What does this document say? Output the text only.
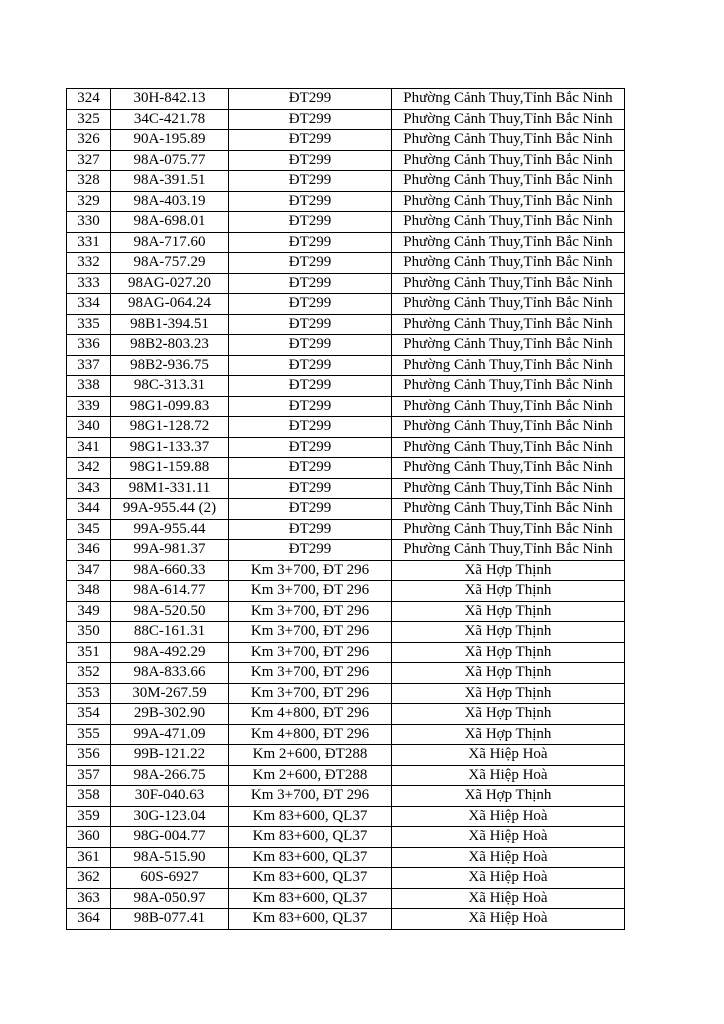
324	30H-842.13	ĐT299	Phường Cảnh Thuy,Tỉnh Bắc Ninh
325	34C-421.78	ĐT299	Phường Cảnh Thuy,Tỉnh Bắc Ninh
326	90A-195.89	ĐT299	Phường Cảnh Thuy,Tỉnh Bắc Ninh
327	98A-075.77	ĐT299	Phường Cảnh Thuy,Tỉnh Bắc Ninh
328	98A-391.51	ĐT299	Phường Cảnh Thuy,Tỉnh Bắc Ninh
329	98A-403.19	ĐT299	Phường Cảnh Thuy,Tỉnh Bắc Ninh
330	98A-698.01	ĐT299	Phường Cảnh Thuy,Tỉnh Bắc Ninh
331	98A-717.60	ĐT299	Phường Cảnh Thuy,Tỉnh Bắc Ninh
332	98A-757.29	ĐT299	Phường Cảnh Thuy,Tỉnh Bắc Ninh
333	98AG-027.20	ĐT299	Phường Cảnh Thuy,Tỉnh Bắc Ninh
334	98AG-064.24	ĐT299	Phường Cảnh Thuy,Tỉnh Bắc Ninh
335	98B1-394.51	ĐT299	Phường Cảnh Thuy,Tỉnh Bắc Ninh
336	98B2-803.23	ĐT299	Phường Cảnh Thuy,Tỉnh Bắc Ninh
337	98B2-936.75	ĐT299	Phường Cảnh Thuy,Tỉnh Bắc Ninh
338	98C-313.31	ĐT299	Phường Cảnh Thuy,Tỉnh Bắc Ninh
339	98G1-099.83	ĐT299	Phường Cảnh Thuy,Tỉnh Bắc Ninh
340	98G1-128.72	ĐT299	Phường Cảnh Thuy,Tỉnh Bắc Ninh
341	98G1-133.37	ĐT299	Phường Cảnh Thuy,Tỉnh Bắc Ninh
342	98G1-159.88	ĐT299	Phường Cảnh Thuy,Tỉnh Bắc Ninh
343	98M1-331.11	ĐT299	Phường Cảnh Thuy,Tỉnh Bắc Ninh
344	99A-955.44 (2)	ĐT299	Phường Cảnh Thuy,Tỉnh Bắc Ninh
345	99A-955.44	ĐT299	Phường Cảnh Thuy,Tỉnh Bắc Ninh
346	99A-981.37	ĐT299	Phường Cảnh Thuy,Tỉnh Bắc Ninh
347	98A-660.33	Km 3+700, ĐT 296	Xã Hợp Thịnh
348	98A-614.77	Km 3+700, ĐT 296	Xã Hợp Thịnh
349	98A-520.50	Km 3+700, ĐT 296	Xã Hợp Thịnh
350	88C-161.31	Km 3+700, ĐT 296	Xã Hợp Thịnh
351	98A-492.29	Km 3+700, ĐT 296	Xã Hợp Thịnh
352	98A-833.66	Km 3+700, ĐT 296	Xã Hợp Thịnh
353	30M-267.59	Km 3+700, ĐT 296	Xã Hợp Thịnh
354	29B-302.90	Km 4+800, ĐT 296	Xã Hợp Thịnh
355	99A-471.09	Km 4+800, ĐT 296	Xã Hợp Thịnh
356	99B-121.22	Km 2+600, ĐT288	Xã Hiệp Hoà
357	98A-266.75	Km 2+600, ĐT288	Xã Hiệp Hoà
358	30F-040.63	Km 3+700, ĐT 296	Xã Hợp Thịnh
359	30G-123.04	Km 83+600, QL37	Xã Hiệp Hoà
360	98G-004.77	Km 83+600, QL37	Xã Hiệp Hoà
361	98A-515.90	Km 83+600, QL37	Xã Hiệp Hoà
362	60S-6927	Km 83+600, QL37	Xã Hiệp Hoà
363	98A-050.97	Km 83+600, QL37	Xã Hiệp Hoà
364	98B-077.41	Km 83+600, QL37	Xã Hiệp Hoà
